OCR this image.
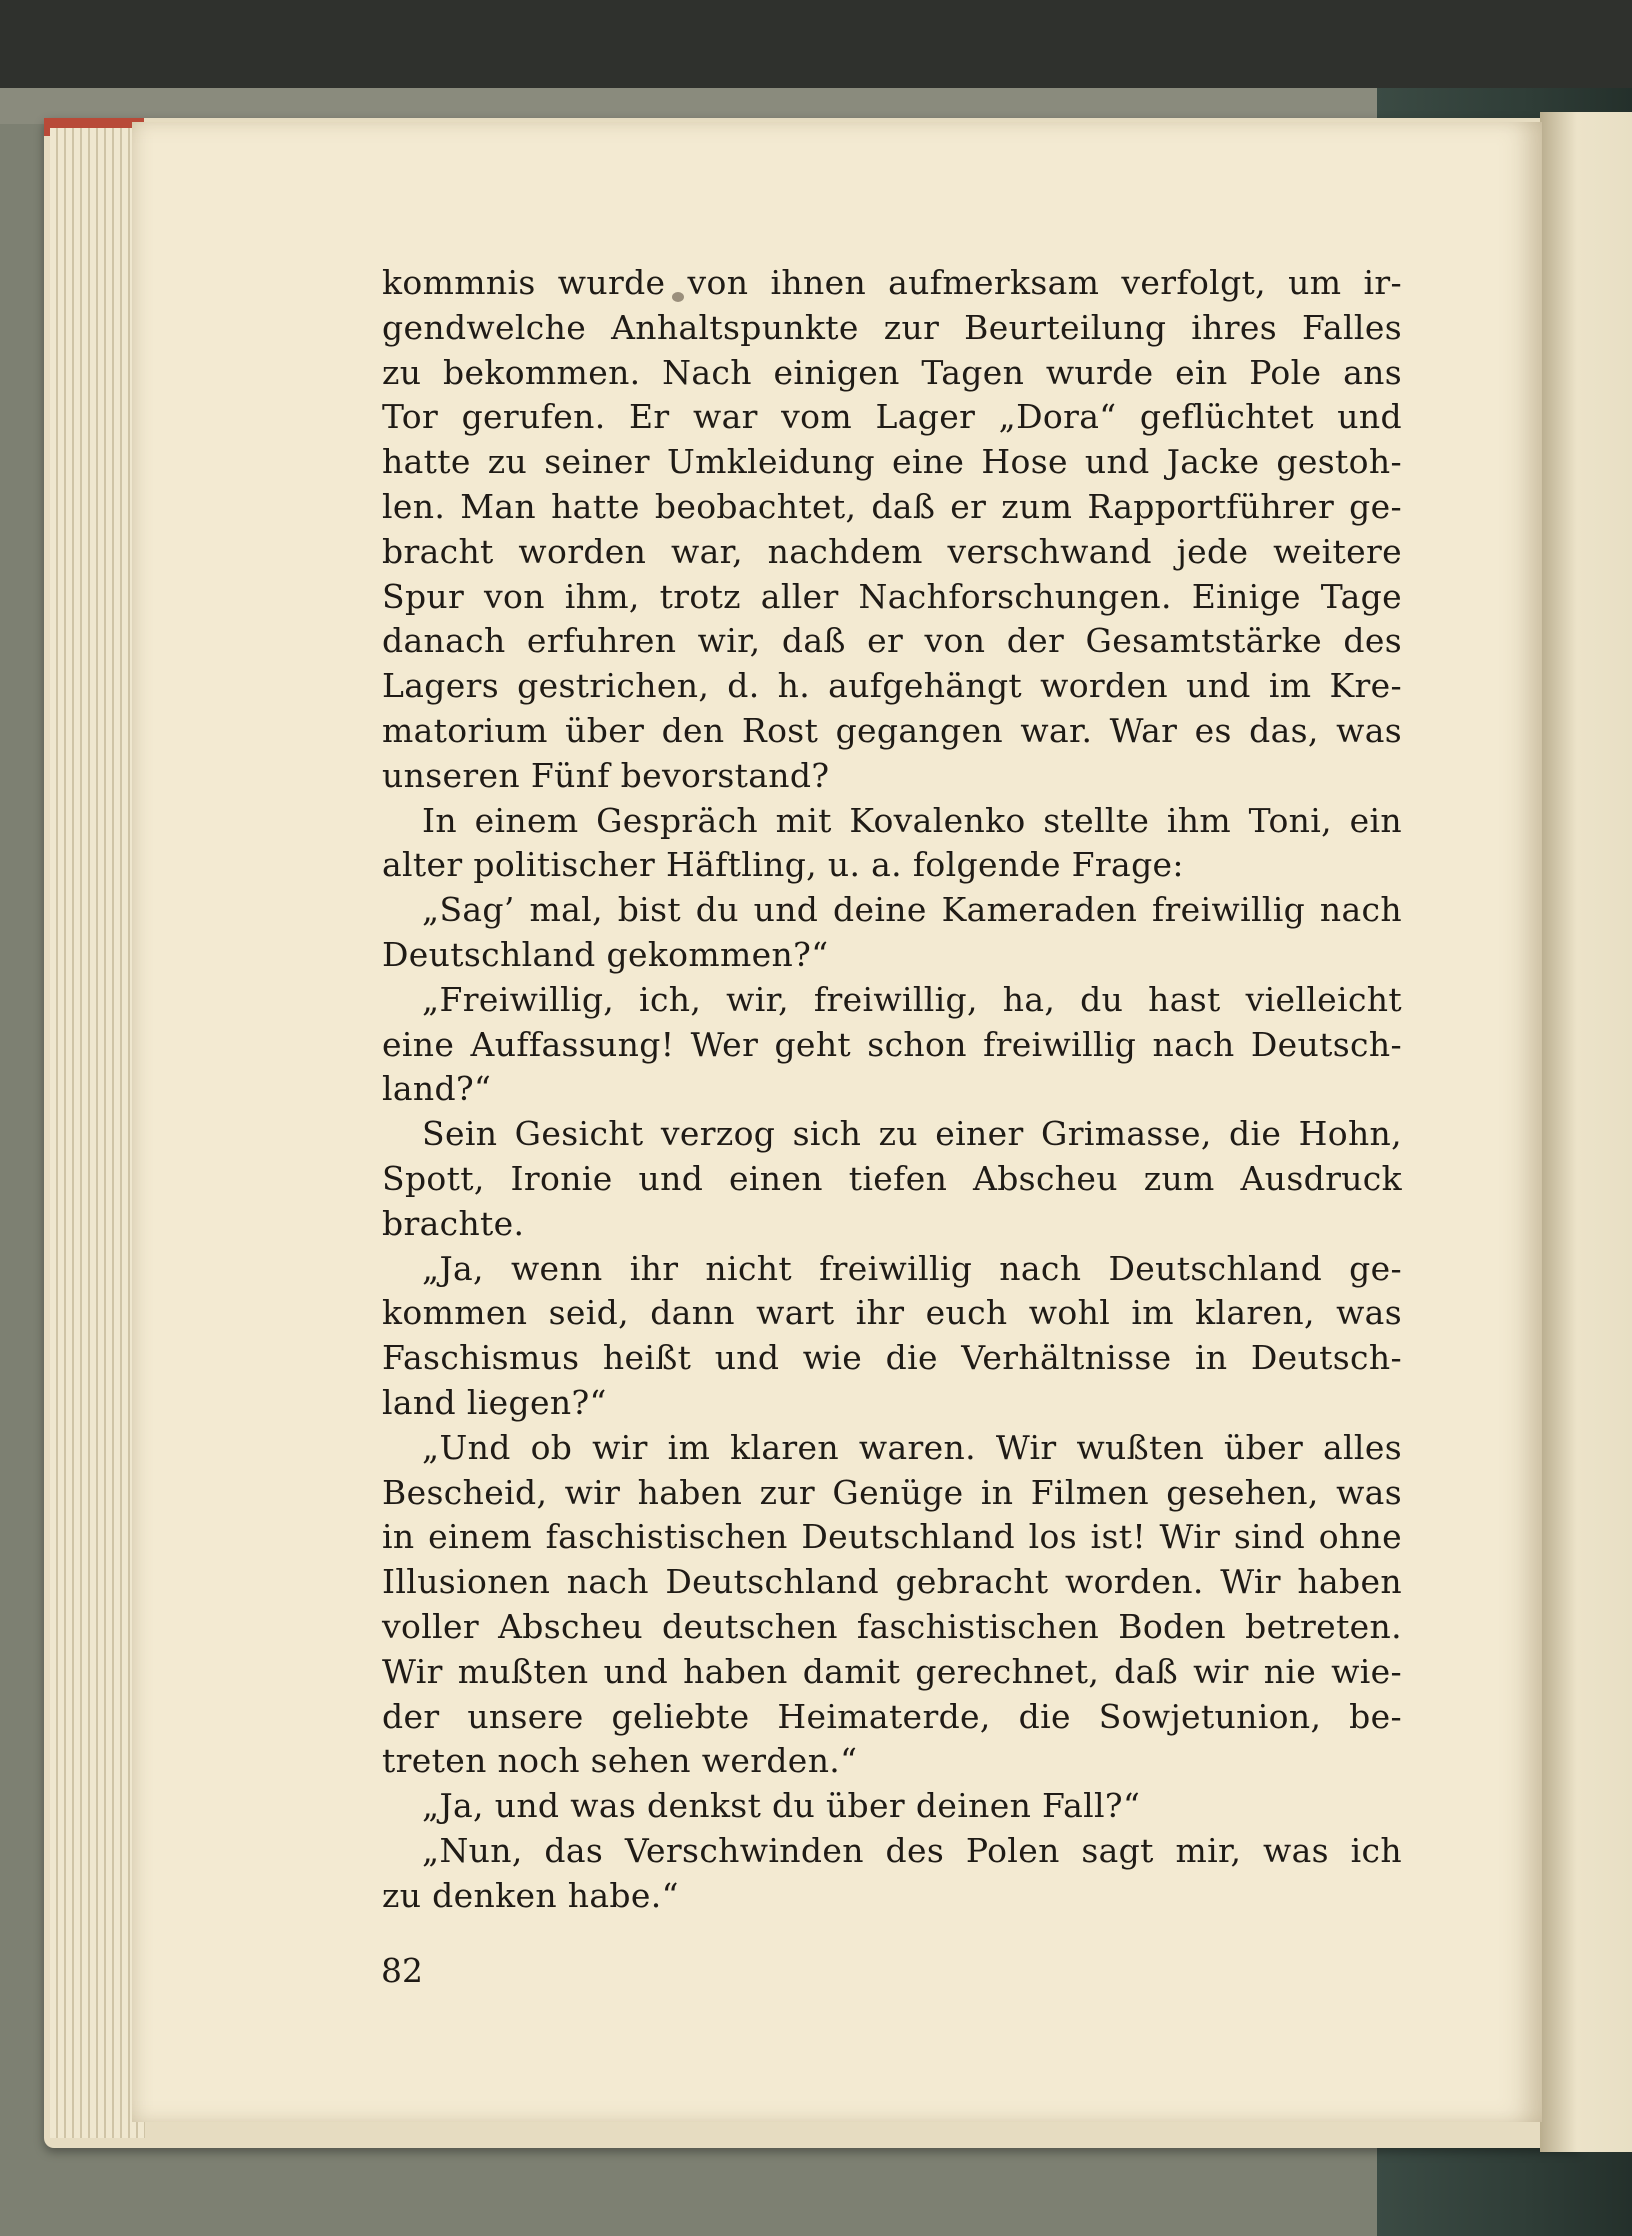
kommnis wurde von ihnen aufmerksam verfolgt, um ir-
gendwelche Anhaltspunkte zur Beurteilung ihres Falles
zu bekommen. Nach einigen Tagen wurde ein Pole ans
Tor gerufen. Er war vom Lager „Dora“ geflüchtet und
hatte zu seiner Umkleidung eine Hose und Jacke gestoh-
len. Man hatte beobachtet, daß er zum Rapportführer ge-
bracht worden war, nachdem verschwand jede weitere
Spur von ihm, trotz aller Nachforschungen. Einige Tage
danach erfuhren wir, daß er von der Gesamtstärke des
Lagers gestrichen, d. h. aufgehängt worden und im Kre-
matorium über den Rost gegangen war. War es das, was
unseren Fünf bevorstand?
In einem Gespräch mit Kovalenko stellte ihm Toni, ein
alter politischer Häftling, u. a. folgende Frage:
„Sag’ mal, bist du und deine Kameraden freiwillig nach
Deutschland gekommen?“
„Freiwillig, ich, wir, freiwillig, ha, du hast vielleicht
eine Auffassung! Wer geht schon freiwillig nach Deutsch-
land?“
Sein Gesicht verzog sich zu einer Grimasse, die Hohn,
Spott, Ironie und einen tiefen Abscheu zum Ausdruck
brachte.
„Ja, wenn ihr nicht freiwillig nach Deutschland ge-
kommen seid, dann wart ihr euch wohl im klaren, was
Faschismus heißt und wie die Verhältnisse in Deutsch-
land liegen?“
„Und ob wir im klaren waren. Wir wußten über alles
Bescheid, wir haben zur Genüge in Filmen gesehen, was
in einem faschistischen Deutschland los ist! Wir sind ohne
Illusionen nach Deutschland gebracht worden. Wir haben
voller Abscheu deutschen faschistischen Boden betreten.
Wir mußten und haben damit gerechnet, daß wir nie wie-
der unsere geliebte Heimaterde, die Sowjetunion, be-
treten noch sehen werden.“
„Ja, und was denkst du über deinen Fall?“
„Nun, das Verschwinden des Polen sagt mir, was ich
zu denken habe.“
82
